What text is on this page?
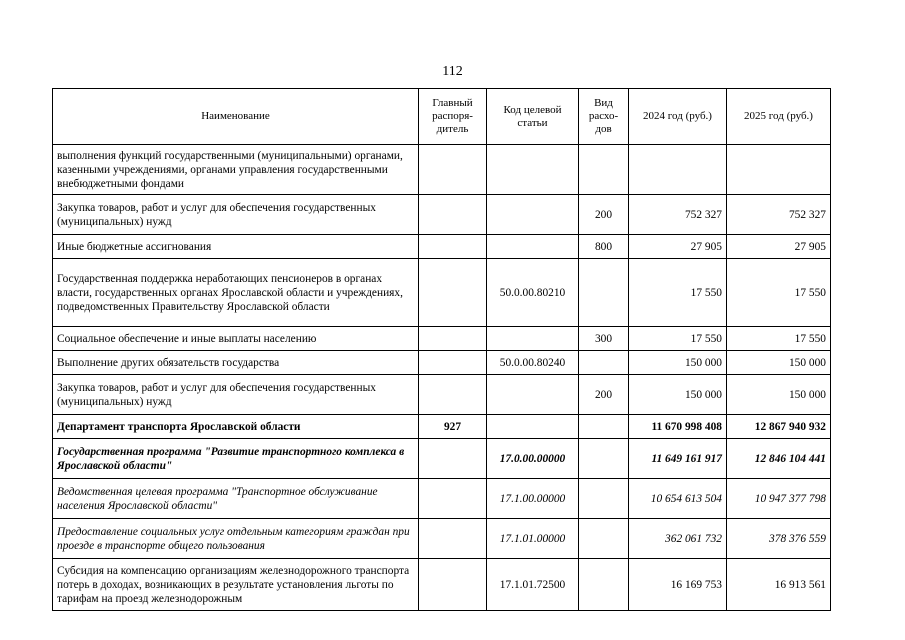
112
Наименование	Главный распоря-дитель	Код целевой статьи	Вид расхо-дов	2024 год (руб.)	2025 год (руб.)
выполнения функций государственными (муниципальными) органами, казенными учреждениями, органами управления государственными внебюджетными фондами					
Закупка товаров, работ и услуг для обеспечения государственных (муниципальных) нужд			200	752 327	752 327
Иные бюджетные ассигнования			800	27 905	27 905
Государственная поддержка неработающих пенсионеров в органах власти, государственных органах Ярославской области и учреждениях, подведомственных Правительству Ярославской области		50.0.00.80210		17 550	17 550
Социальное обеспечение и иные выплаты населению			300	17 550	17 550
Выполнение других обязательств государства		50.0.00.80240		150 000	150 000
Закупка товаров, работ и услуг для обеспечения государственных (муниципальных) нужд			200	150 000	150 000
Департамент транспорта Ярославской области	927			11 670 998 408	12 867 940 932
Государственная программа "Развитие транспортного комплекса в Ярославской области"		17.0.00.00000		11 649 161 917	12 846 104 441
Ведомственная целевая программа "Транспортное обслуживание населения Ярославской области"		17.1.00.00000		10 654 613 504	10 947 377 798
Предоставление социальных услуг отдельным категориям граждан при проезде в транспорте общего пользования		17.1.01.00000		362 061 732	378 376 559
Субсидия на компенсацию организациям железнодорожного транспорта потерь в доходах, возникающих в результате установления льготы по тарифам на проезд железнодорожным		17.1.01.72500		16 169 753	16 913 561
